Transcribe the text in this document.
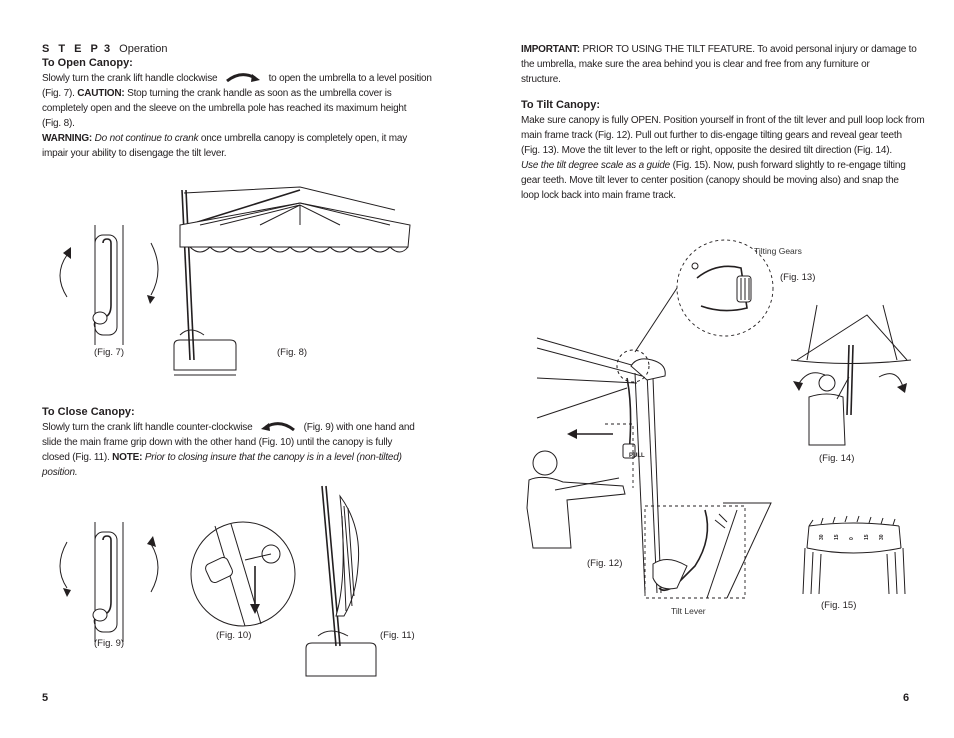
S T E P 3 Operation
To Open Canopy:
Slowly turn the crank lift handle clockwise	to open the umbrella to a level position
(Fig. 7). CAUTION: Stop turning the crank handle as soon as the umbrella cover is
completely open and the sleeve on the umbrella pole has reached its maximum height
(Fig. 8).
WARNING: Do not continue to crank once umbrella canopy is completely open, it may
impair your ability to disengage the tilt lever.
(Fig. 7)	(Fig. 8)
To Close Canopy:
Slowly turn the crank lift handle counter-clockwise	(Fig. 9) with one hand and
slide the main frame grip down with the other hand (Fig. 10) until the canopy is fully
closed (Fig. 11). NOTE: Prior to closing insure that the canopy is in a level (non-tilted)
position.
(Fig. 9)
(Fig. 10)	(Fig. 11)
5
IMPORTANT: PRIOR TO USING THE TILT FEATURE. To avoid personal injury or damage to
the umbrella, make sure the area behind you is clear and free from any furniture or
structure.
To Tilt Canopy:
Make sure canopy is fully OPEN. Position yourself in front of the tilt lever and pull loop lock from
main frame track (Fig. 12). Pull out further to dis-engage tilting gears and reveal gear teeth
(Fig. 13). Move the tilt lever to the left or right, opposite the desired tilt direction (Fig. 14).
Use the tilt degree scale as a guide (Fig. 15). Now, push forward slightly to re-engage tilting
gear teeth. Move tilt lever to center position (canopy should be moving also) and snap the
loop lock back into main frame track.
Tilting Gears
(Fig. 13)
PULL
(Fig. 12)
Tilt Lever
(Fig. 14)
30 15 0 15 30
(Fig. 15)
6
